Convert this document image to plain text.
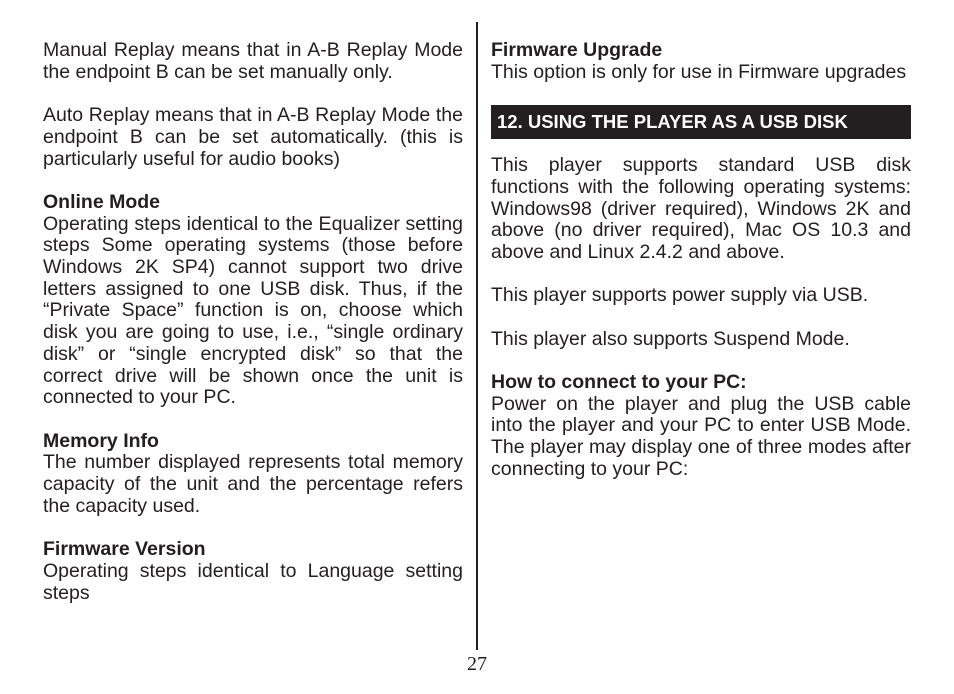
Manual Replay means that in A-B Replay Mode the endpoint B can be set manually only.

Auto Replay means that in A-B Replay Mode the endpoint B can be set automatically. (this is particularly useful for audio books)

Online Mode

Operating steps identical to the Equalizer setting steps Some operating systems (those before Windows 2K SP4) cannot support two drive letters assigned to one USB disk. Thus, if the “Private Space” function is on, choose which disk you are going to use, i.e., “single ordinary disk” or “single encrypted disk” so that the correct drive will be shown once the unit is connected to your PC.

Memory Info

The number displayed represents total memory capacity of the unit and the percentage refers the capacity used.

Firmware Version

Operating steps identical to Language setting steps

Firmware Upgrade

This option is only for use in Firmware upgrades

12. USING THE PLAYER AS A USB DISK

This player supports standard USB disk functions with the following operating systems: Windows98 (driver required), Windows 2K and above (no driver required), Mac OS 10.3 and above and Linux 2.4.2 and above.

This player supports power supply via USB.

This player also supports Suspend Mode.

How to connect to your PC:

Power on the player and plug the USB cable into the player and your PC to enter USB Mode. The player may display one of three modes after connecting to your PC:

27
